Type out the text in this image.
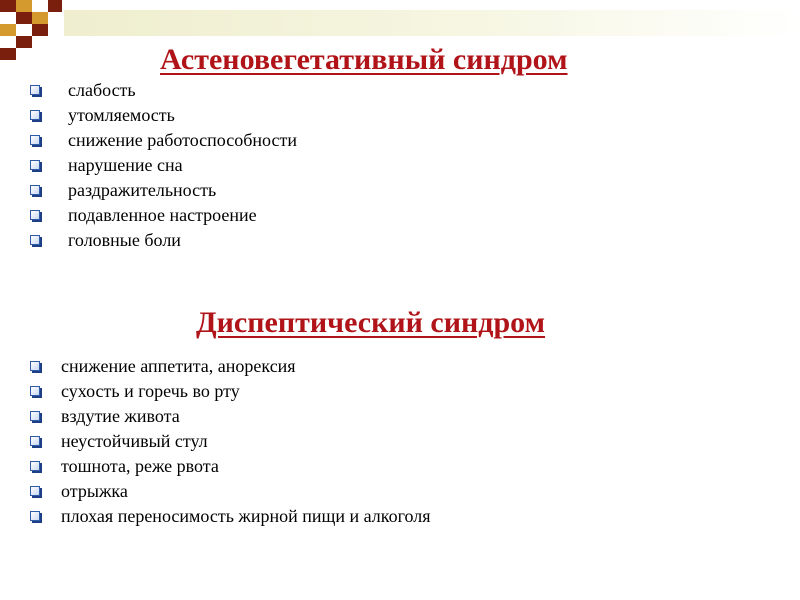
Астеновегетативный синдром
слабость
утомляемость
снижение работоспособности
нарушение сна
раздражительность
подавленное настроение
головные боли
Диспептический синдром
снижение аппетита, анорексия
сухость и горечь во рту
вздутие живота
неустойчивый стул
тошнота, реже рвота
отрыжка
плохая переносимость жирной пищи и алкоголя
